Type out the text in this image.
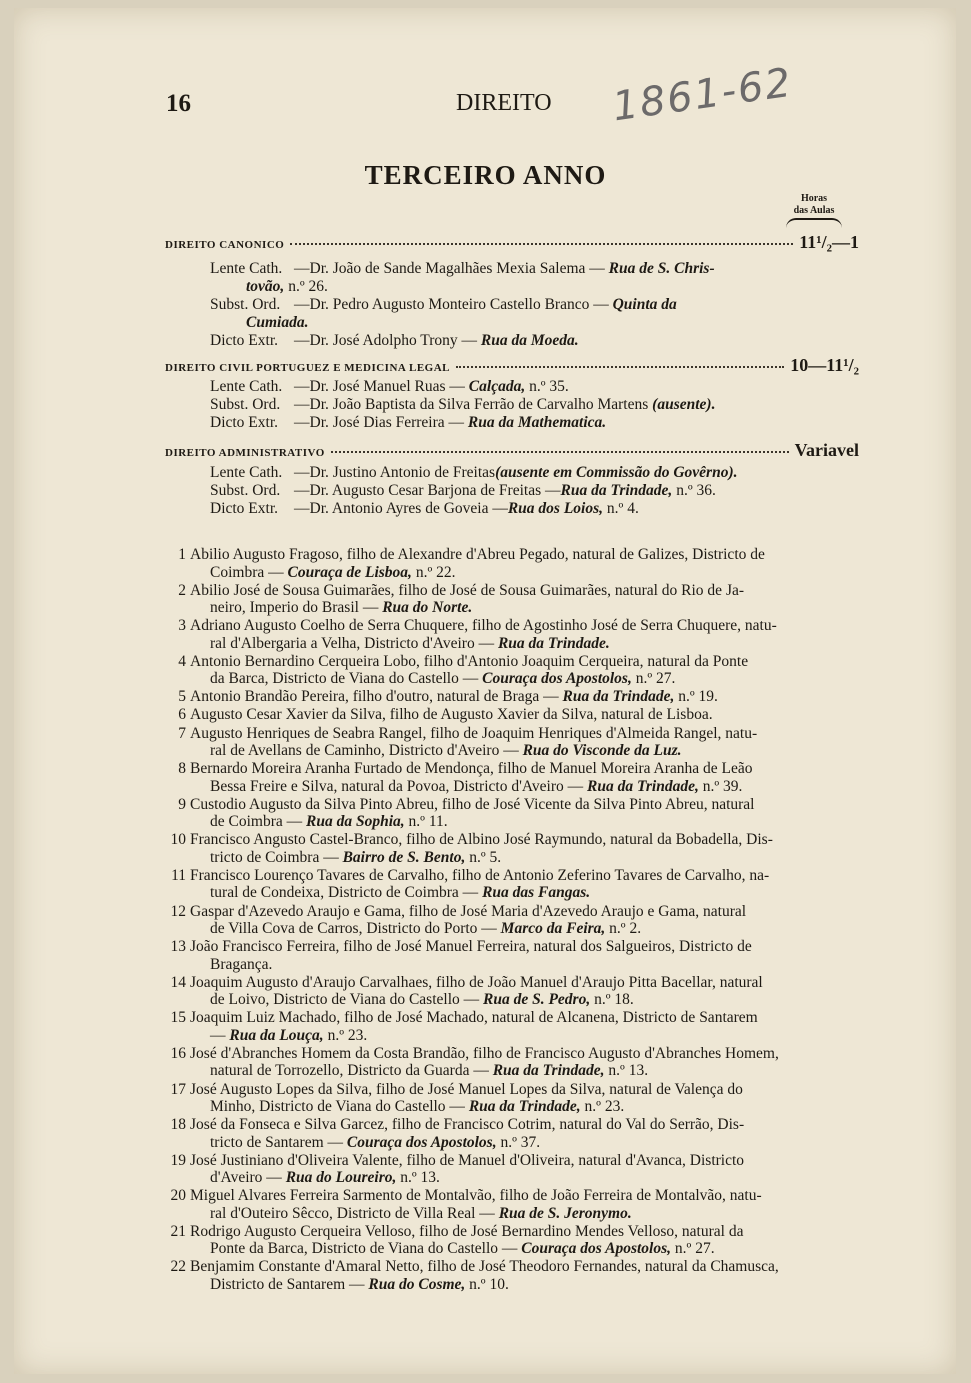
16	DIREITO 1861-62
TERCEIRO ANNO
Horas
das Aulas
DIREITO CANONICO	11¹/₂—1
Lente Cath. —Dr. João de Sande Magalhães Mexia Salema — Rua de S. Chris-
tovão, n.º 26.
Subst. Ord. —Dr. Pedro Augusto Monteiro Castello Branco — Quinta da
Cumiada.
Dicto Extr. —Dr. José Adolpho Trony — Rua da Moeda.
DIREITO CIVIL PORTUGUEZ E MEDICINA LEGAL	10—11¹/₂
Lente Cath. —Dr. José Manuel Ruas — Calçada, n.º 35.
Subst. Ord. —Dr. João Baptista da Silva Ferrão de Carvalho Martens (ausente).
Dicto Extr. —Dr. José Dias Ferreira — Rua da Mathematica.
DIREITO ADMINISTRATIVO	Variavel
Lente Cath. —Dr. Justino Antonio de Freitas(ausente em Commissão do Govêrno).
Subst. Ord. —Dr. Augusto Cesar Barjona de Freitas —Rua da Trindade, n.º 36.
Dicto Extr. —Dr. Antonio Ayres de Goveia —Rua dos Loios, n.º 4.
1 Abilio Augusto Fragoso, filho de Alexandre d'Abreu Pegado, natural de Galizes, Districto de
Coimbra — Couraça de Lisboa, n.º 22.
2 Abilio José de Sousa Guimarães, filho de José de Sousa Guimarães, natural do Rio de Ja-
neiro, Imperio do Brasil — Rua do Norte.
3 Adriano Augusto Coelho de Serra Chuquere, filho de Agostinho José de Serra Chuquere, natu-
ral d'Albergaria a Velha, Districto d'Aveiro — Rua da Trindade.
4 Antonio Bernardino Cerqueira Lobo, filho d'Antonio Joaquim Cerqueira, natural da Ponte
da Barca, Districto de Viana do Castello — Couraça dos Apostolos, n.º 27.
5 Antonio Brandão Pereira, filho d'outro, natural de Braga — Rua da Trindade, n.º 19.
6 Augusto Cesar Xavier da Silva, filho de Augusto Xavier da Silva, natural de Lisboa.
7 Augusto Henriques de Seabra Rangel, filho de Joaquim Henriques d'Almeida Rangel, natu-
ral de Avellans de Caminho, Districto d'Aveiro — Rua do Visconde da Luz.
8 Bernardo Moreira Aranha Furtado de Mendonça, filho de Manuel Moreira Aranha de Leão
Bessa Freire e Silva, natural da Povoa, Districto d'Aveiro — Rua da Trindade, n.º 39.
9 Custodio Augusto da Silva Pinto Abreu, filho de José Vicente da Silva Pinto Abreu, natural
de Coimbra — Rua da Sophia, n.º 11.
10 Francisco Angusto Castel-Branco, filho de Albino José Raymundo, natural da Bobadella, Dis-
tricto de Coimbra — Bairro de S. Bento, n.º 5.
11 Francisco Lourenço Tavares de Carvalho, filho de Antonio Zeferino Tavares de Carvalho, na-
tural de Condeixa, Districto de Coimbra — Rua das Fangas.
12 Gaspar d'Azevedo Araujo e Gama, filho de José Maria d'Azevedo Araujo e Gama, natural
de Villa Cova de Carros, Districto do Porto — Marco da Feira, n.º 2.
13 João Francisco Ferreira, filho de José Manuel Ferreira, natural dos Salgueiros, Districto de
Bragança.
14 Joaquim Augusto d'Araujo Carvalhaes, filho de João Manuel d'Araujo Pitta Bacellar, natural
de Loivo, Districto de Viana do Castello — Rua de S. Pedro, n.º 18.
15 Joaquim Luiz Machado, filho de José Machado, natural de Alcanena, Districto de Santarem
— Rua da Louça, n.º 23.
16 José d'Abranches Homem da Costa Brandão, filho de Francisco Augusto d'Abranches Homem,
natural de Torrozello, Districto da Guarda — Rua da Trindade, n.º 13.
17 José Augusto Lopes da Silva, filho de José Manuel Lopes da Silva, natural de Valença do
Minho, Districto de Viana do Castello — Rua da Trindade, n.º 23.
18 José da Fonseca e Silva Garcez, filho de Francisco Cotrim, natural do Val do Serrão, Dis-
tricto de Santarem — Couraça dos Apostolos, n.º 37.
19 José Justiniano d'Oliveira Valente, filho de Manuel d'Oliveira, natural d'Avanca, Districto
d'Aveiro — Rua do Loureiro, n.º 13.
20 Miguel Alvares Ferreira Sarmento de Montalvão, filho de João Ferreira de Montalvão, natu-
ral d'Outeiro Sêcco, Districto de Villa Real — Rua de S. Jeronymo.
21 Rodrigo Augusto Cerqueira Velloso, filho de José Bernardino Mendes Velloso, natural da
Ponte da Barca, Districto de Viana do Castello — Couraça dos Apostolos, n.º 27.
22 Benjamim Constante d'Amaral Netto, filho de José Theodoro Fernandes, natural da Chamusca,
Districto de Santarem — Rua do Cosme, n.º 10.
